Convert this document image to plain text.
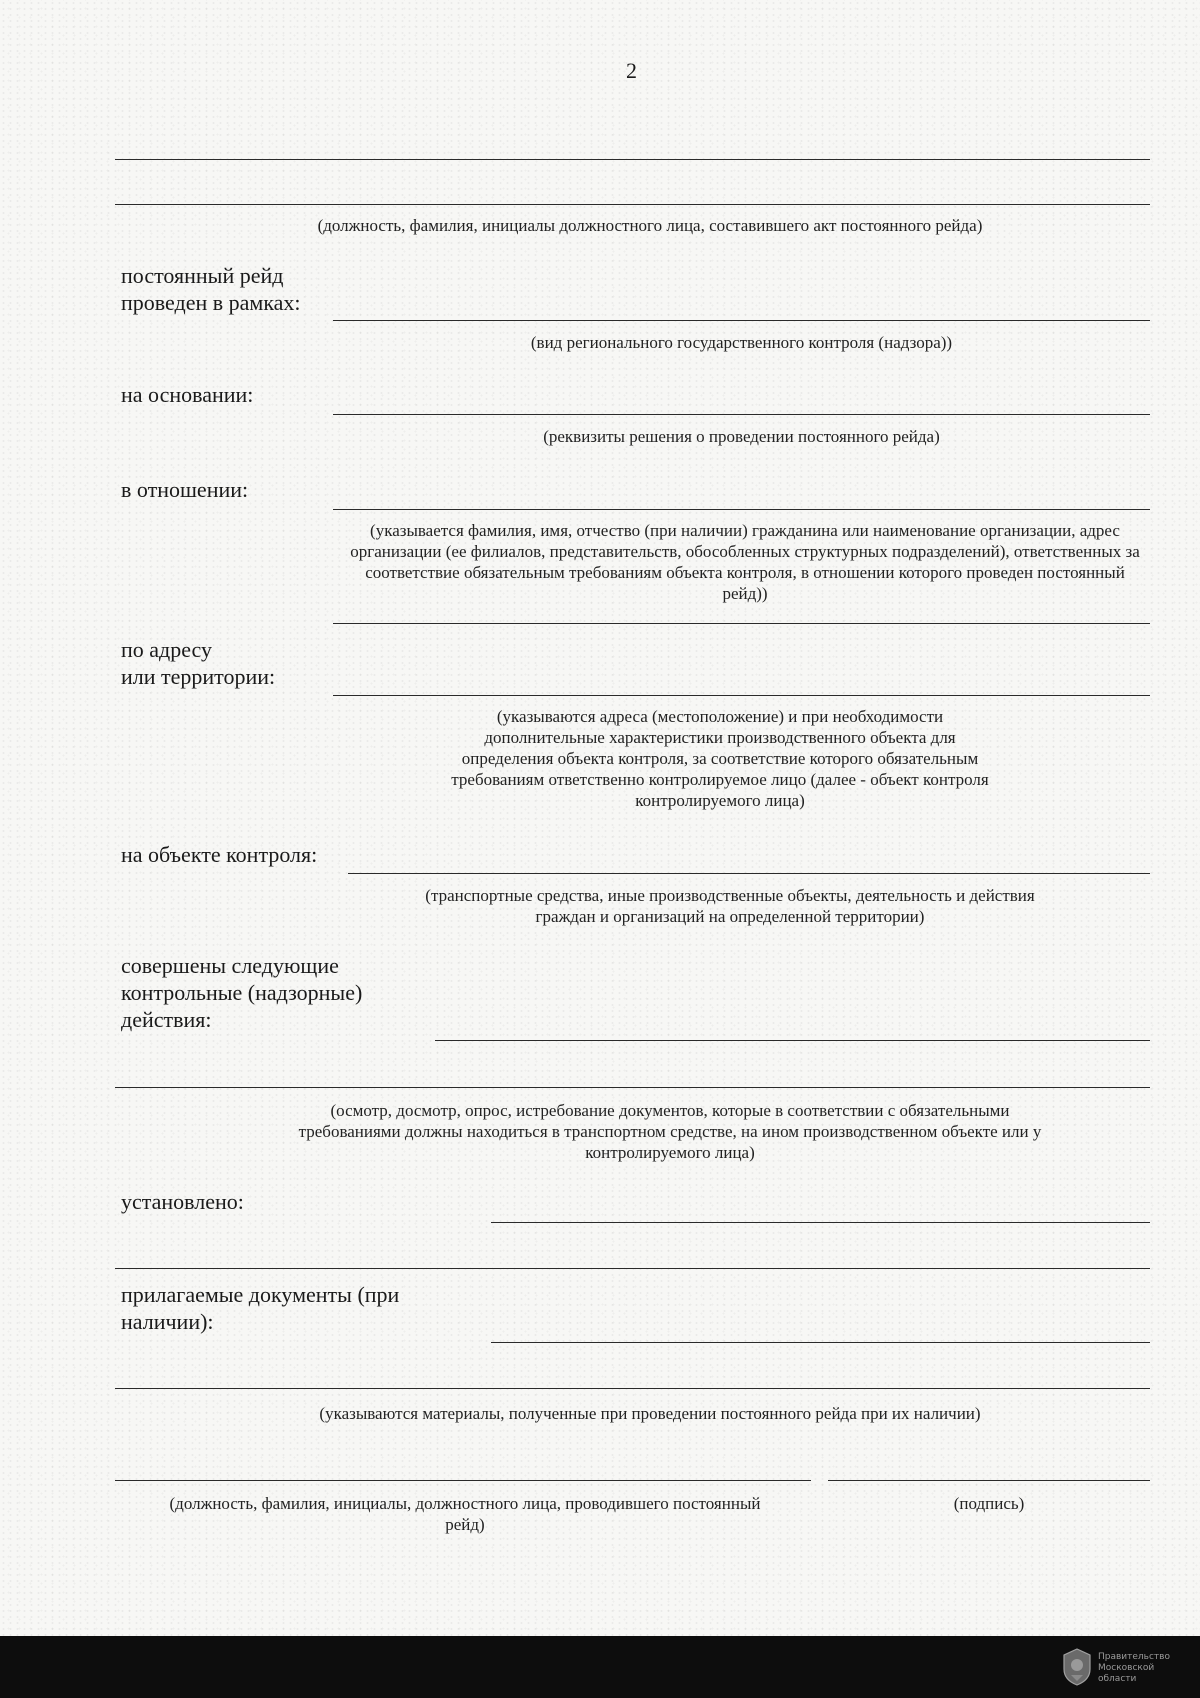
2
(должность, фамилия, инициалы должностного лица, составившего акт постоянного рейда)
постоянный рейд
проведен в рамках:
(вид регионального государственного контроля (надзора))
на основании:
(реквизиты решения о проведении постоянного рейда)
в отношении:
(указывается фамилия, имя, отчество (при наличии) гражданина или наименование организации, адрес организации (ее филиалов, представительств, обособленных структурных подразделений), ответственных за соответствие обязательным требованиям объекта контроля, в отношении которого проведен постоянный рейд))
по адресу
или территории:
(указываются адреса (местоположение) и при необходимости дополнительные характеристики производственного объекта для определения объекта контроля, за соответствие которого обязательным требованиям ответственно контролируемое лицо (далее - объект контроля контролируемого лица)
на объекте контроля:
(транспортные средства, иные производственные объекты, деятельность и действия граждан и организаций на определенной территории)
совершены следующие
контрольные (надзорные)
действия:
(осмотр, досмотр, опрос, истребование документов, которые в соответствии с обязательными требованиями должны находиться в транспортном средстве, на ином производственном объекте или у контролируемого лица)
установлено:
прилагаемые документы (при
наличии):
(указываются материалы, полученные при проведении постоянного рейда при их наличии)
(должность, фамилия, инициалы, должностного лица, проводившего постоянный рейд)
(подпись)
Правительство
Московской области
